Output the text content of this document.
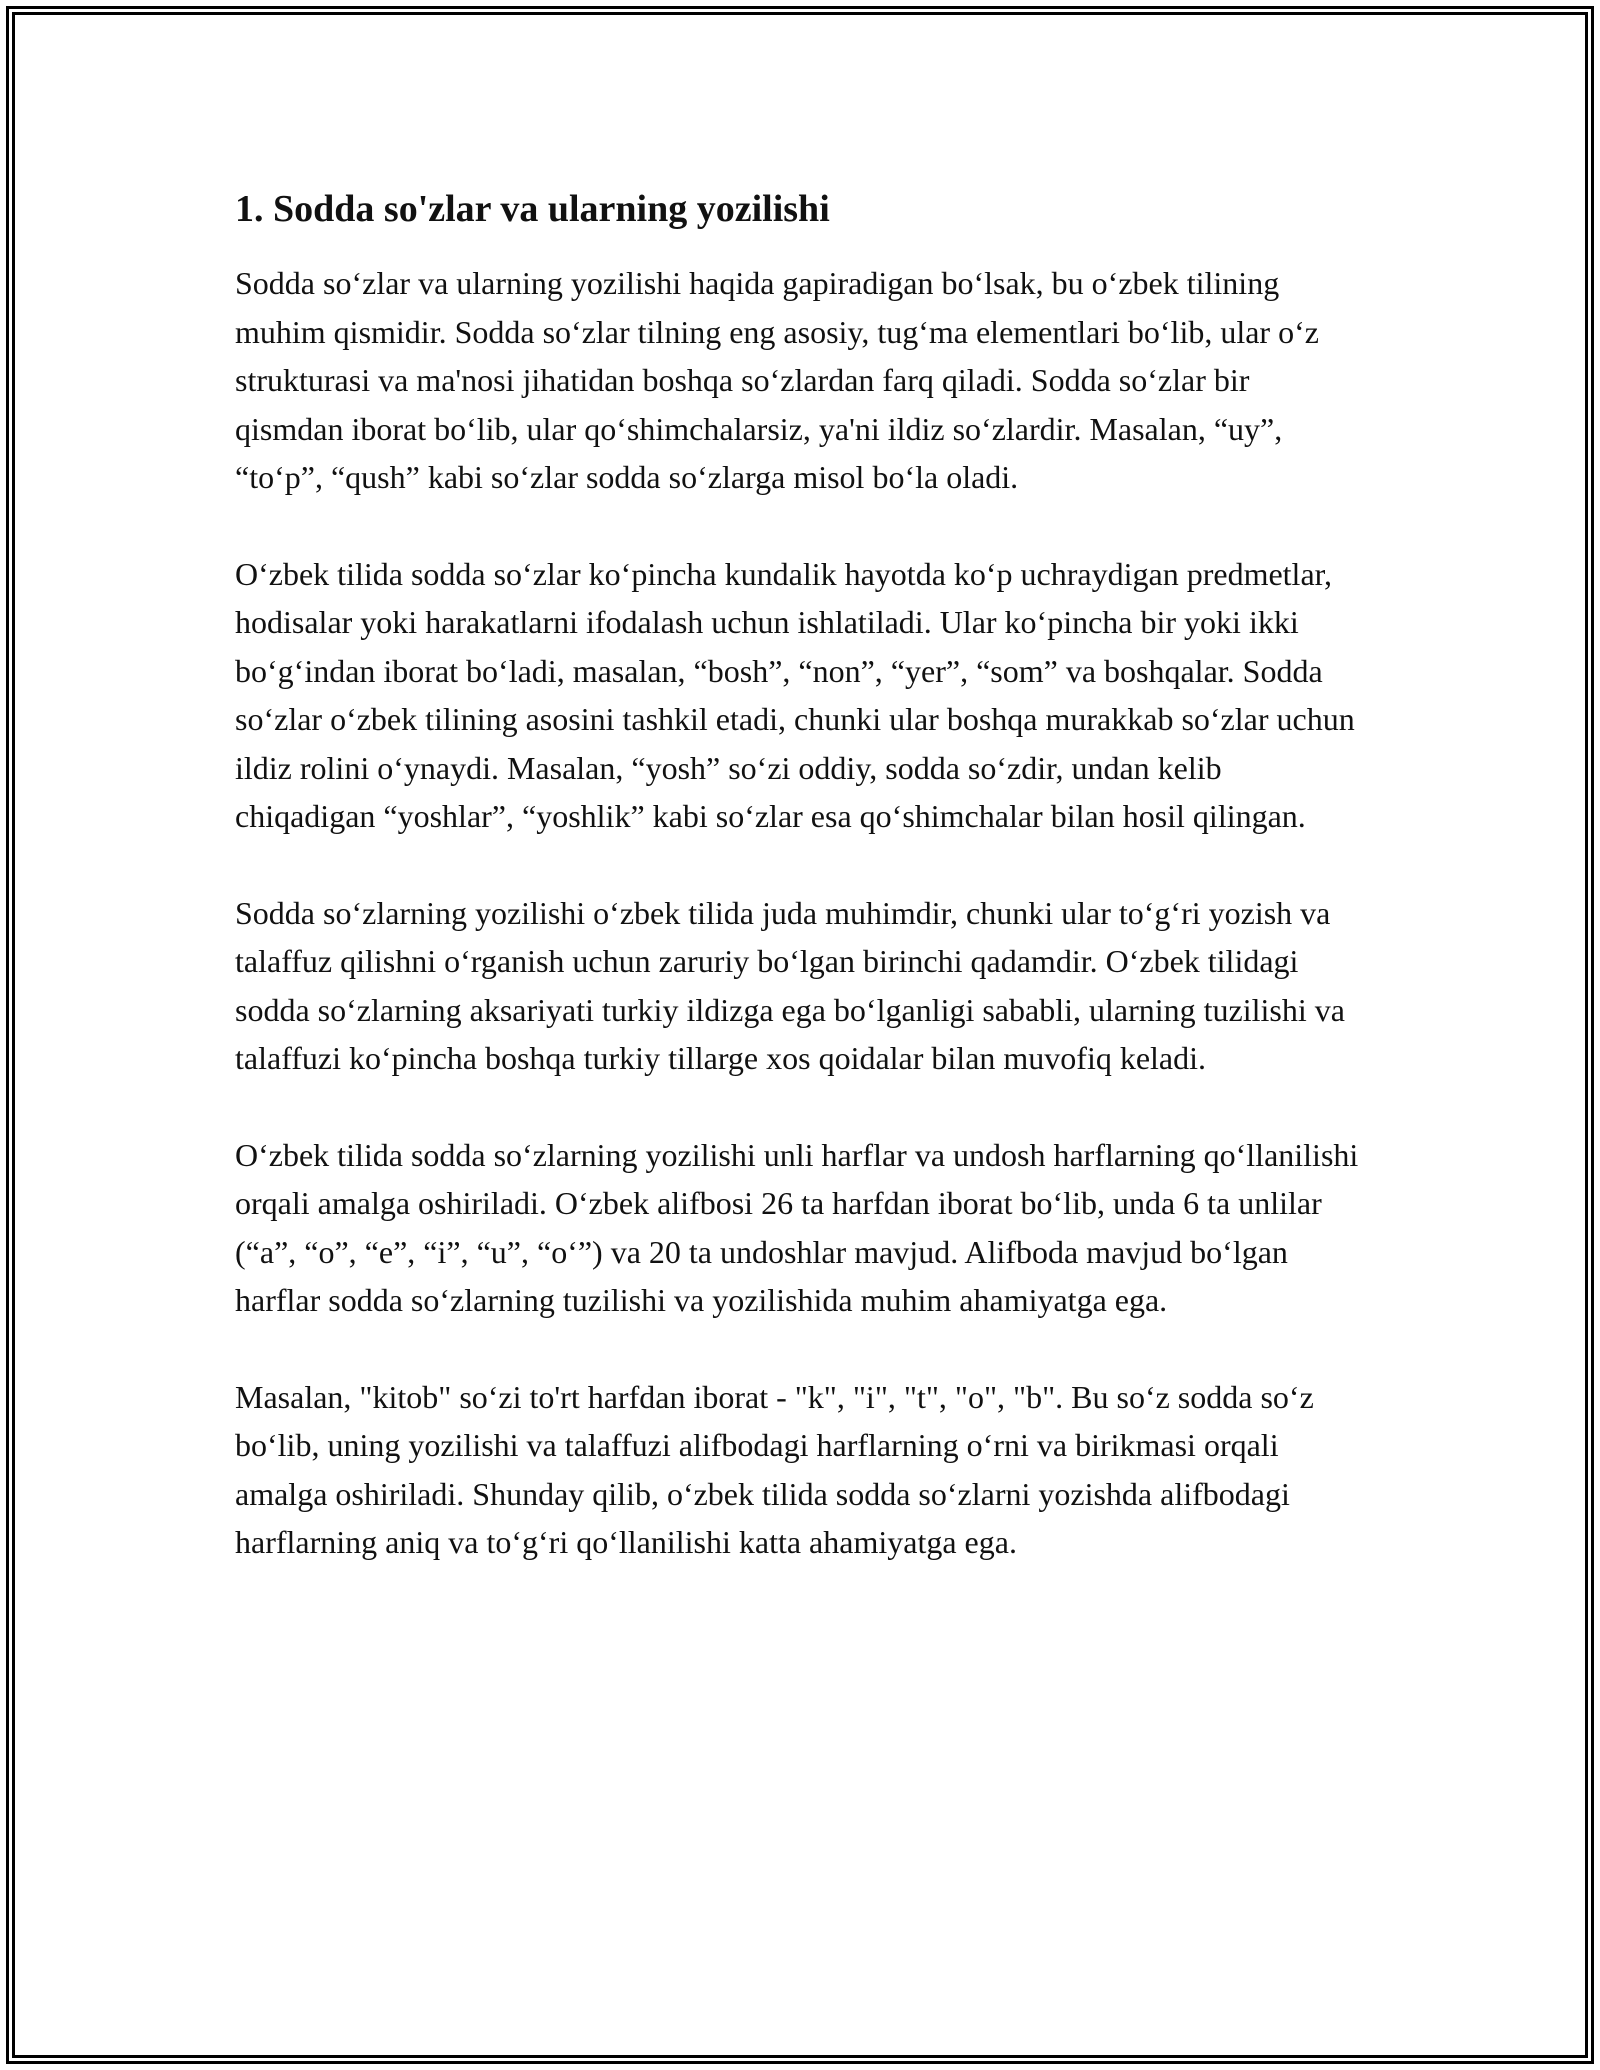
1. Sodda so'zlar va ularning yozilishi

Sodda so‘zlar va ularning yozilishi haqida gapiradigan bo‘lsak, bu o‘zbek tilining muhim qismidir. Sodda so‘zlar tilning eng asosiy, tug‘ma elementlari bo‘lib, ular o‘z strukturasi va ma'nosi jihatidan boshqa so‘zlardan farq qiladi. Sodda so‘zlar bir qismdan iborat bo‘lib, ular qo‘shimchalarsiz, ya'ni ildiz so‘zlardir. Masalan, “uy”, “to‘p”, “qush” kabi so‘zlar sodda so‘zlarga misol bo‘la oladi.

O‘zbek tilida sodda so‘zlar ko‘pincha kundalik hayotda ko‘p uchraydigan predmetlar, hodisalar yoki harakatlarni ifodalash uchun ishlatiladi. Ular ko‘pincha bir yoki ikki bo‘g‘indan iborat bo‘ladi, masalan, “bosh”, “non”, “yer”, “som” va boshqalar. Sodda so‘zlar o‘zbek tilining asosini tashkil etadi, chunki ular boshqa murakkab so‘zlar uchun ildiz rolini o‘ynaydi. Masalan, “yosh” so‘zi oddiy, sodda so‘zdir, undan kelib chiqadigan “yoshlar”, “yoshlik” kabi so‘zlar esa qo‘shimchalar bilan hosil qilingan.

Sodda so‘zlarning yozilishi o‘zbek tilida juda muhimdir, chunki ular to‘g‘ri yozish va talaffuz qilishni o‘rganish uchun zaruriy bo‘lgan birinchi qadamdir. O‘zbek tilidagi sodda so‘zlarning aksariyati turkiy ildizga ega bo‘lganligi sababli, ularning tuzilishi va talaffuzi ko‘pincha boshqa turkiy tillarge xos qoidalar bilan muvofiq keladi.

O‘zbek tilida sodda so‘zlarning yozilishi unli harflar va undosh harflarning qo‘llanilishi orqali amalga oshiriladi. O‘zbek alifbosi 26 ta harfdan iborat bo‘lib, unda 6 ta unlilar (“a”, “o”, “e”, “i”, “u”, “o‘”) va 20 ta undoshlar mavjud. Alifboda mavjud bo‘lgan harflar sodda so‘zlarning tuzilishi va yozilishida muhim ahamiyatga ega.

Masalan, "kitob" so‘zi to'rt harfdan iborat - "k", "i", "t", "o", "b". Bu so‘z sodda so‘z bo‘lib, uning yozilishi va talaffuzi alifbodagi harflarning o‘rni va birikmasi orqali amalga oshiriladi. Shunday qilib, o‘zbek tilida sodda so‘zlarni yozishda alifbodagi harflarning aniq va to‘g‘ri qo‘llanilishi katta ahamiyatga ega.
